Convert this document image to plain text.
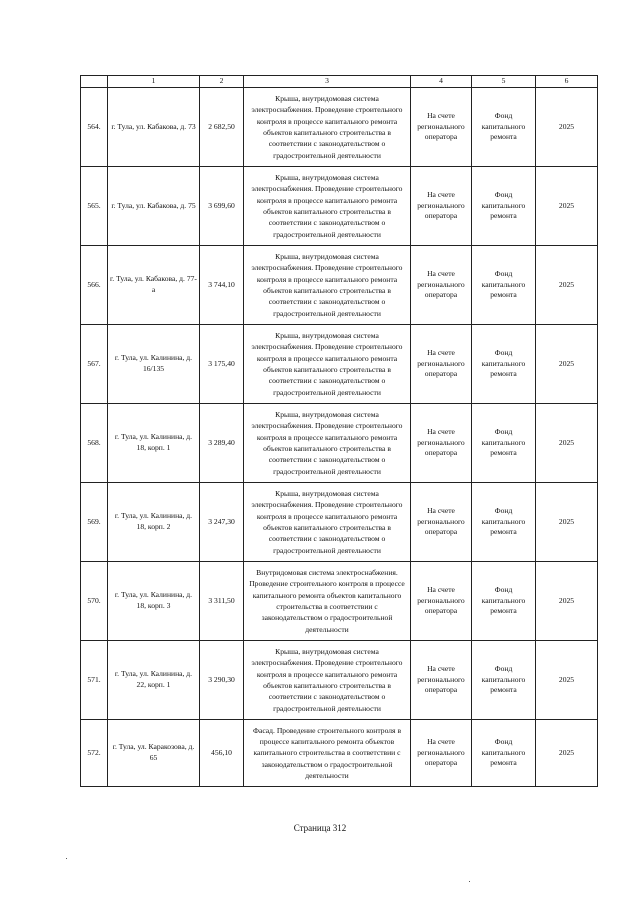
	1	2	3	4	5	6
564.	г. Тула, ул. Кабакова, д. 73	2 682,50	Крыша, внутридомовая система электроснабжения. Проведение строительного контроля в процессе капитального ремонта объектов капитального строительства в соответствии с законодательством о градостроительной деятельности	На счете регионального оператора	Фонд капитального ремонта	2025
565.	г. Тула, ул. Кабакова, д. 75	3 699,60	Крыша, внутридомовая система электроснабжения. Проведение строительного контроля в процессе капитального ремонта объектов капитального строительства в соответствии с законодательством о градостроительной деятельности	На счете регионального оператора	Фонд капитального ремонта	2025
566.	г. Тула, ул. Кабакова, д. 77-а	3 744,10	Крыша, внутридомовая система электроснабжения. Проведение строительного контроля в процессе капитального ремонта объектов капитального строительства в соответствии с законодательством о градостроительной деятельности	На счете регионального оператора	Фонд капитального ремонта	2025
567.	г. Тула, ул. Калинина, д. 16/135	3 175,40	Крыша, внутридомовая система электроснабжения. Проведение строительного контроля в процессе капитального ремонта объектов капитального строительства в соответствии с законодательством о градостроительной деятельности	На счете регионального оператора	Фонд капитального ремонта	2025
568.	г. Тула, ул. Калинина, д. 18, корп. 1	3 289,40	Крыша, внутридомовая система электроснабжения. Проведение строительного контроля в процессе капитального ремонта объектов капитального строительства в соответствии с законодательством о градостроительной деятельности	На счете регионального оператора	Фонд капитального ремонта	2025
569.	г. Тула, ул. Калинина, д. 18, корп. 2	3 247,30	Крыша, внутридомовая система электроснабжения. Проведение строительного контроля в процессе капитального ремонта объектов капитального строительства в соответствии с законодательством о градостроительной деятельности	На счете регионального оператора	Фонд капитального ремонта	2025
570.	г. Тула, ул. Калинина, д. 18, корп. 3	3 311,50	Внутридомовая система электроснабжения. Проведение строительного контроля в процессе капитального ремонта объектов капитального строительства в соответствии с законодательством о градостроительной деятельности	На счете регионального оператора	Фонд капитального ремонта	2025
571.	г. Тула, ул. Калинина, д. 22, корп. 1	3 290,30	Крыша, внутридомовая система электроснабжения. Проведение строительного контроля в процессе капитального ремонта объектов капитального строительства в соответствии с законодательством о градостроительной деятельности	На счете регионального оператора	Фонд капитального ремонта	2025
572.	г. Тула, ул. Каракозова, д. 65	456,10	Фасад. Проведение строительного контроля в процессе капитального ремонта объектов капитального строительства в соответствии с законодательством о градостроительной деятельности	На счете регионального оператора	Фонд капитального ремонта	2025
Страница 312
